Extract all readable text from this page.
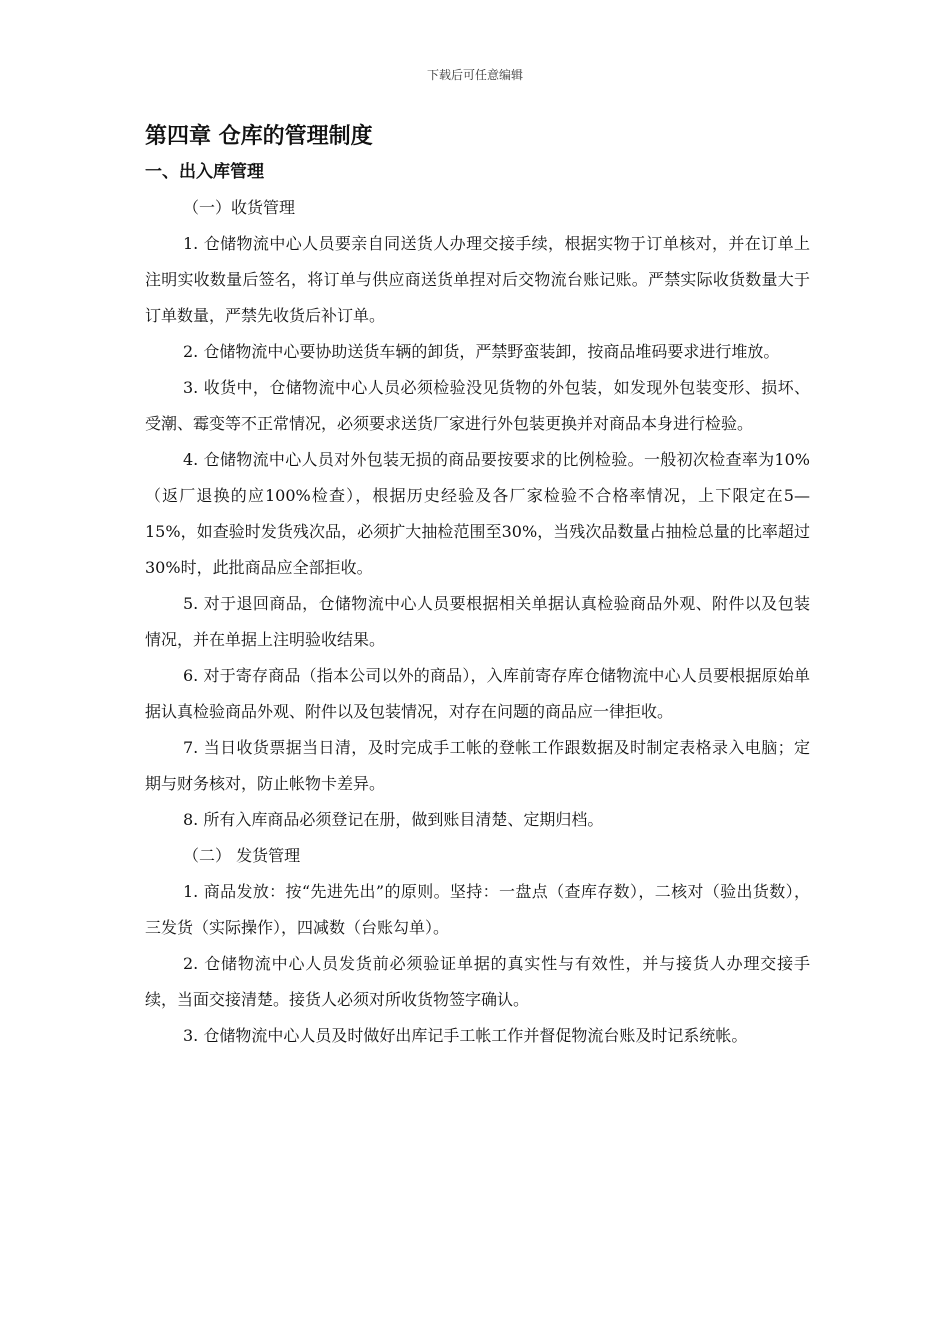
下载后可任意编辑
第四章 仓库的管理制度
一、出入库管理

（一）收货管理

1. 仓储物流中心人员要亲自同送货人办理交接手续，根据实物于订单核对，并在订单上注明实收数量后签名，将订单与供应商送货单捏对后交物流台账记账。严禁实际收货数量大于订单数量，严禁先收货后补订单。

2. 仓储物流中心要协助送货车辆的卸货，严禁野蛮装卸，按商品堆码要求进行堆放。

3. 收货中，仓储物流中心人员必须检验没见货物的外包装，如发现外包装变形、损坏、受潮、霉变等不正常情况，必须要求送货厂家进行外包装更换并对商品本身进行检验。

4. 仓储物流中心人员对外包装无损的商品要按要求的比例检验。一般初次检查率为10%（返厂退换的应100%检查），根据历史经验及各厂家检验不合格率情况，上下限定在5—15%，如查验时发货残次品，必须扩大抽检范围至30%，当残次品数量占抽检总量的比率超过30%时，此批商品应全部拒收。

5. 对于退回商品，仓储物流中心人员要根据相关单据认真检验商品外观、附件以及包装情况，并在单据上注明验收结果。

6. 对于寄存商品（指本公司以外的商品），入库前寄存库仓储物流中心人员要根据原始单据认真检验商品外观、附件以及包装情况，对存在问题的商品应一律拒收。

7. 当日收货票据当日清，及时完成手工帐的登帐工作跟数据及时制定表格录入电脑；定期与财务核对，防止帐物卡差异。

8. 所有入库商品必须登记在册，做到账目清楚、定期归档。

（二） 发货管理

1. 商品发放：按“先进先出”的原则。坚持：一盘点（查库存数），二核对（验出货数），三发货（实际操作），四减数（台账勾单）。

2. 仓储物流中心人员发货前必须验证单据的真实性与有效性，并与接货人办理交接手续，当面交接清楚。接货人必须对所收货物签字确认。

3. 仓储物流中心人员及时做好出库记手工帐工作并督促物流台账及时记系统帐。
